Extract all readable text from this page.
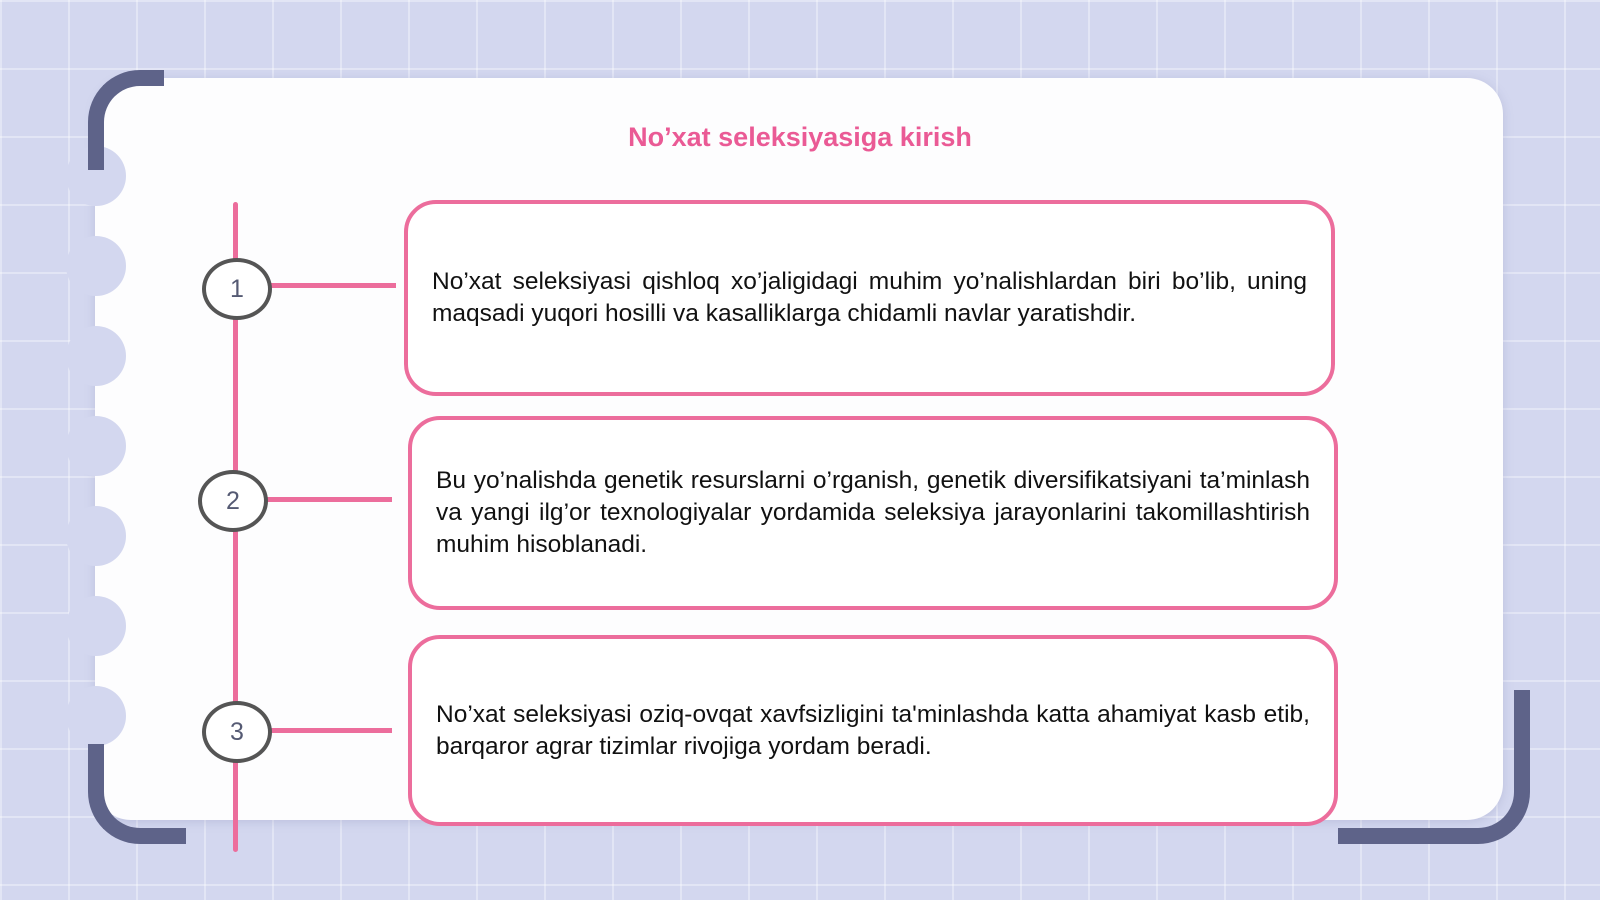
No’xat seleksiyasiga kirish
1	No’xat seleksiyasi qishloq xo’jaligidagi muhim yo’nalishlardan biri bo’lib, uning maqsadi yuqori hosilli va kasalliklarga chidamli navlar yaratishdir.

2

Bu yo’nalishda genetik resurslarni o’rganish, genetik diversifikatsiyani ta’minlash va yangi ilg’or texnologiyalar yordamida seleksiya jarayonlarini takomillashtirish muhim hisoblanadi.

3

No’xat seleksiyasi oziq-ovqat xavfsizligini ta'minlashda katta ahamiyat kasb etib, barqaror agrar tizimlar rivojiga yordam beradi.
